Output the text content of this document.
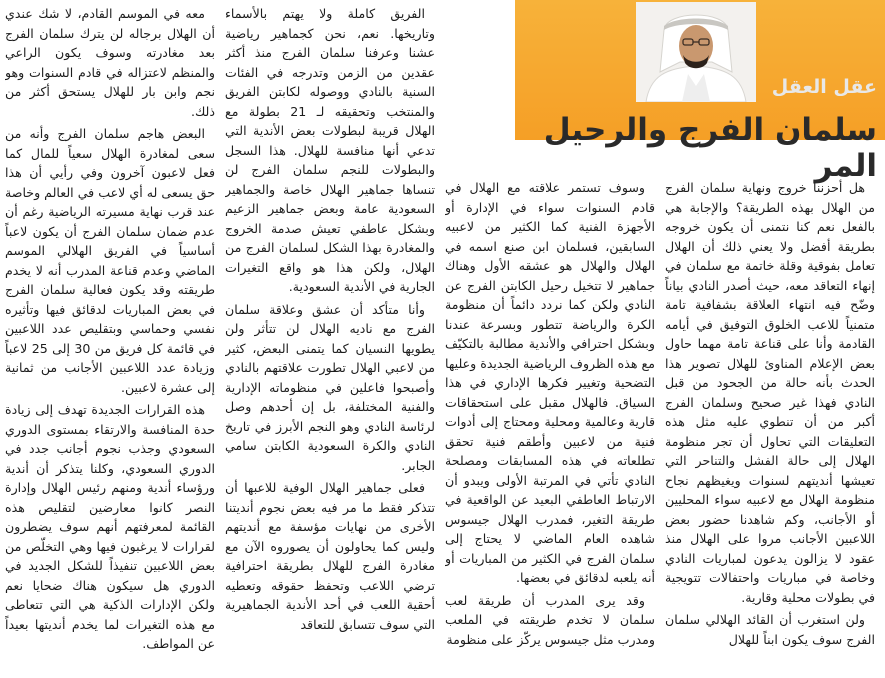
عقل العقل
سلمان الفرج والرحيل المر

هل أحزننا خروج ونهاية سلمان الفرج من الهلال بهذه الطريقة؟ والإجابة هي بالفعل نعم كنا نتمنى أن يكون خروجه بطريقة أفضل ولا يعني ذلك أن الهلال تعامل بفوقية وقلة خاتمة مع سلمان في إنهاء التعاقد معه، حيث أصدر النادي بياناً وضّح فيه انتهاء العلاقة بشفافية تامة متمنياً للاعب الخلوق التوفيق في أيامه القادمة وأنا على قناعة تامة مهما حاول بعض الإعلام المناوئ للهلال تصوير هذا الحدث بأنه حالة من الجحود من قبل النادي فهذا غير صحيح وسلمان الفرج أكبر من أن تنطوي عليه مثل هذه التعليقات التي تحاول أن تجر منظومة الهلال إلى حالة الفشل والتناحر التي تعيشها أنديتهم لسنوات ويغيظهم نجاح منظومة الهلال مع لاعبيه سواء المحليين أو الأجانب، وكم شاهدنا حضور بعض اللاعبين الأجانب مروا على الهلال منذ عقود لا يزالون يدعون لمباريات النادي وخاصة في مباريات واحتفالات تتويجية في بطولات محلية وقارية.

ولن استغرب أن القائد الهلالي سلمان الفرج سوف يكون ابناً للهلال

وسوف تستمر علاقته مع الهلال في قادم السنوات سواء في الإدارة أو الأجهزة الفنية كما الكثير من لاعبيه السابقين، فسلمان ابن صنع اسمه في الهلال والهلال هو عشقه الأول وهناك جماهير لا تتخيل رحيل الكابتن الفرج عن النادي ولكن كما نردد دائماً أن منظومة الكرة والرياضة تتطور وبسرعة عندنا وبشكل احترافي والأندية مطالبة بالتكيّف مع هذه الظروف الرياضية الجديدة وعليها التضحية وتغيير فكرها الإداري في هذا السياق. فالهلال مقبل على استحقاقات قارية وعالمية ومحلية ومحتاج إلى أدوات فنية من لاعبين وأطقم فنية تحقق تطلعاته في هذه المسابقات ومصلحة النادي تأتي في المرتبة الأولى ويبدو أن الارتباط العاطفي البعيد عن الواقعية في طريقة التغير، فمدرب الهلال جيسوس شاهده العام الماضي لا يحتاج إلى سلمان الفرج في الكثير من المباريات أو أنه يلعبه لدقائق في بعضها.

وقد يرى المدرب أن طريقة لعب سلمان لا تخدم طريقته في الملعب ومدرب مثل جيسوس يركّز على منظومة

الفريق كاملة ولا يهتم بالأسماء وتاريخها. نعم، نحن كجماهير رياضية عشنا وعرفنا سلمان الفرج منذ أكثر عقدين من الزمن وتدرجه في الفئات السنية بالنادي ووصوله لكابتن الفريق والمنتخب وتحقيقه لـ 21 بطولة مع الهلال قريبة لبطولات بعض الأندية التي تدعي أنها منافسة للهلال. هذا السجل والبطولات للنجم سلمان الفرج لن تنساها جماهير الهلال خاصة والجماهير السعودية عامة وبعض جماهير الزعيم وبشكل عاطفي تعيش صدمة الخروج والمغادرة بهذا الشكل لسلمان الفرج من الهلال، ولكن هذا هو واقع التغيرات الجارية في الأندية السعودية.

وأنا متأكد أن عشق وعلاقة سلمان الفرج مع ناديه الهلال لن تتأثر ولن يطويها النسيان كما يتمنى البعض، كثير من لاعبي الهلال تطورت علاقتهم بالنادي وأصبحوا فاعلين في منظوماته الإدارية والفنية المختلفة، بل إن أحدهم وصل لرئاسة النادي وهو النجم الأبرز في تاريخ النادي والكرة السعودية الكابتن سامي الجابر.

فعلى جماهير الهلال الوفية للاعبها أن تتذكر فقط ما مر فيه بعض نجوم أنديتنا الأخرى من نهايات مؤسفة مع أنديتهم وليس كما يحاولون أن يصوروه الآن مع مغادرة الفرج للهلال بطريقة احترافية ترضي اللاعب وتحفظ حقوقه وتعطيه أحقية اللعب في أحد الأندية الجماهيرية التي سوف تتسابق للتعاقد

معه في الموسم القادم، لا شك عندي أن الهلال برجاله لن يترك سلمان الفرج بعد مغادرته وسوف يكون الراعي والمنظم لاعتزاله في قادم السنوات وهو نجم وابن بار للهلال يستحق أكثر من ذلك.

البعض هاجم سلمان الفرج وأنه من سعى لمغادرة الهلال سعياً للمال كما فعل لاعبون آخرون وفي رأيي أن هذا حق يسعى له أي لاعب في العالم وخاصة عند قرب نهاية مسيرته الرياضية رغم أن عدم ضمان سلمان الفرج أن يكون لاعباً أساسياً في الفريق الهلالي الموسم الماضي وعدم قناعة المدرب أنه لا يخدم طريقته وقد يكون فعالية سلمان الفرج في بعض المباريات لدقائق فيها وتأثيره نفسي وحماسي وبتقليص عدد اللاعبين في قائمة كل فريق من 30 إلى 25 لاعباً وزيادة عدد اللاعبين الأجانب من ثمانية إلى عشرة لاعبين.

هذه القرارات الجديدة تهدف إلى زيادة حدة المنافسة والارتقاء بمستوى الدوري السعودي وجذب نجوم أجانب جدد في الدوري السعودي، وكلنا يتذكر أن أندية ورؤساء أندية ومنهم رئيس الهلال وإدارة النصر كانوا معارضين لتقليص هذه القائمة لمعرفتهم أنهم سوف يضطرون لقرارات لا يرغبون فيها وهي التخلّص من بعض اللاعبين تنفيذاً للشكل الجديد في الدوري هل سيكون هناك ضحايا نعم ولكن الإدارات الذكية هي التي تتعاطى مع هذه التغيرات لما يخدم أنديتها بعيداً عن المواطف.
